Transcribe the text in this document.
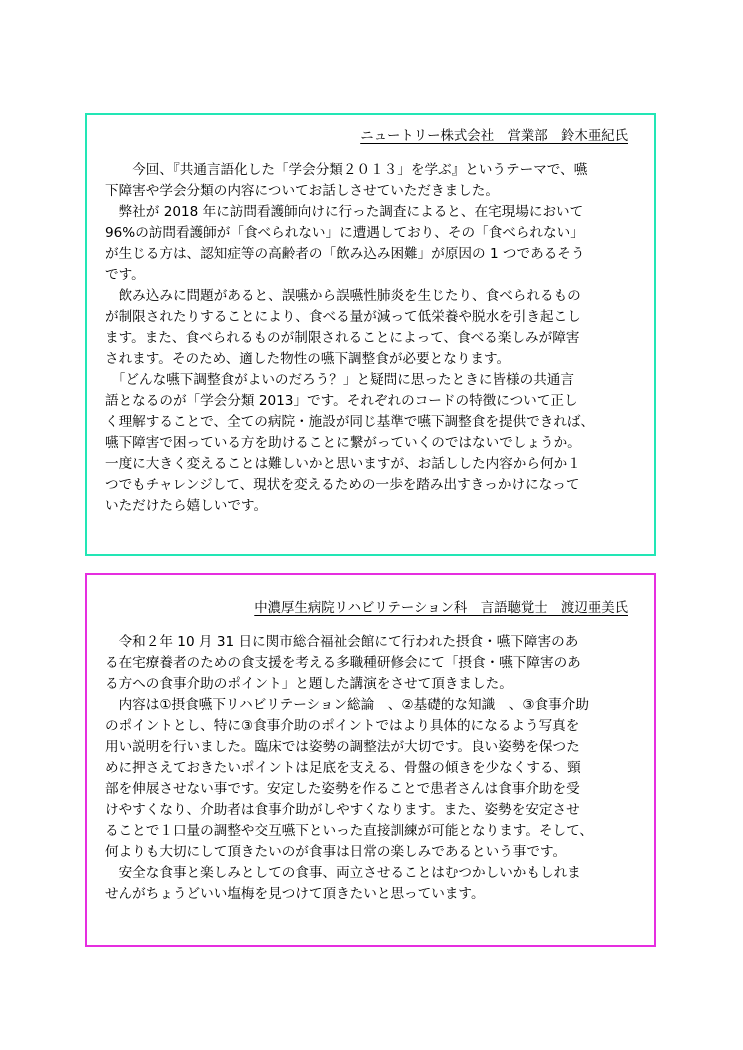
ニュートリー株式会社　営業部　鈴木亜紀氏

　　今回、『共通言語化した「学会分類２０１３」を学ぶ』というテーマで、嚥

下障害や学会分類の内容についてお話しさせていただきました。

　弊社が 2018 年に訪問看護師向けに行った調査によると、在宅現場において

96%の訪問看護師が「食べられない」に遭遇しており、その「食べられない」

が生じる方は、認知症等の高齢者の「飲み込み困難」が原因の 1 つであるそう

です。

　飲み込みに問題があると、誤嚥から誤嚥性肺炎を生じたり、食べられるもの

が制限されたりすることにより、食べる量が減って低栄養や脱水を引き起こし

ます。また、食べられるものが制限されることによって、食べる楽しみが障害

されます。そのため、適した物性の嚥下調整食が必要となります。

　「どんな嚥下調整食がよいのだろう？」と疑問に思ったときに皆様の共通言

語となるのが「学会分類 2013」です。それぞれのコードの特徴について正し

く理解することで、全ての病院・施設が同じ基準で嚥下調整食を提供できれば、

嚥下障害で困っている方を助けることに繋がっていくのではないでしょうか。

一度に大きく変えることは難しいかと思いますが、お話しした内容から何か１

つでもチャレンジして、現状を変えるための一歩を踏み出すきっかけになって

いただけたら嬉しいです。

中濃厚生病院リハビリテーション科　言語聴覚士　渡辺亜美氏

　令和２年 10 月 31 日に関市総合福祉会館にて行われた摂食・嚥下障害のあ

る在宅療養者のための食支援を考える多職種研修会にて「摂食・嚥下障害のあ

る方への食事介助のポイント」と題した講演をさせて頂きました。

　内容は①摂食嚥下リハビリテーション総論　、②基礎的な知識　、③食事介助

のポイントとし、特に③食事介助のポイントではより具体的になるよう写真を

用い説明を行いました。臨床では姿勢の調整法が大切です。良い姿勢を保つた

めに押さえておきたいポイントは足底を支える、骨盤の傾きを少なくする、頸

部を伸展させない事です。安定した姿勢を作ることで患者さんは食事介助を受

けやすくなり、介助者は食事介助がしやすくなります。また、姿勢を安定させ

ることで１口量の調整や交互嚥下といった直接訓練が可能となります。そして、

何よりも大切にして頂きたいのが食事は日常の楽しみであるという事です。

　安全な食事と楽しみとしての食事、両立させることはむつかしいかもしれま

せんがちょうどいい塩梅を見つけて頂きたいと思っています。
